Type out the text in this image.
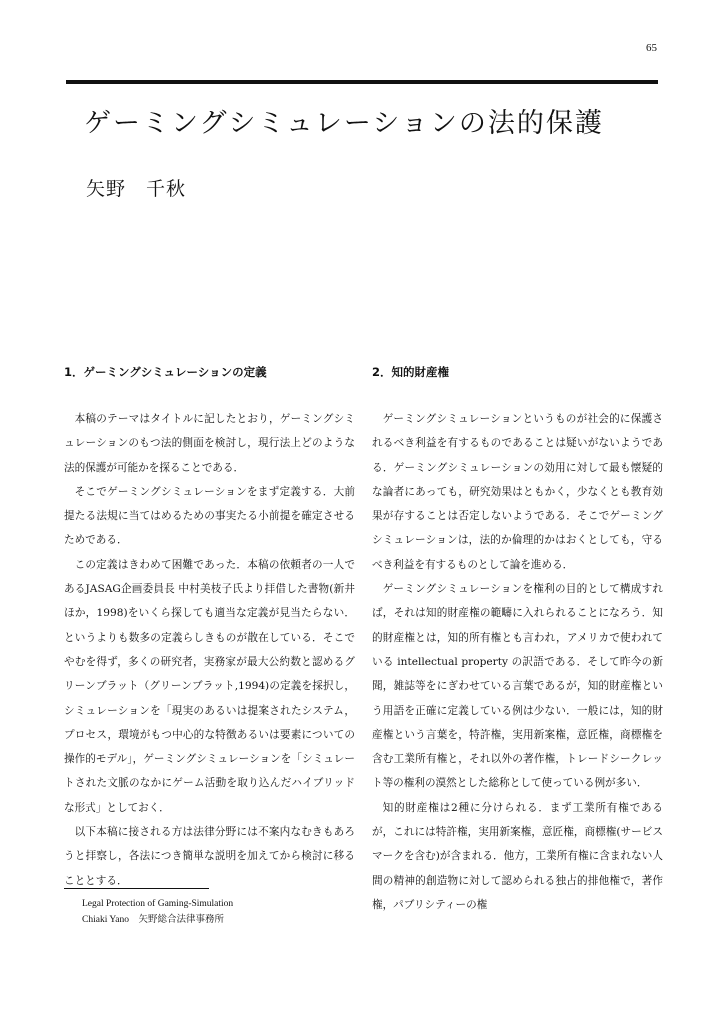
65
ゲーミングシミュレーションの法的保護
矢野　千秋
1．ゲーミングシミュレーションの定義

本稿のテーマはタイトルに記したとおり，ゲーミングシミュレーションのもつ法的側面を検討し，現行法上どのような法的保護が可能かを探ることである．

そこでゲーミングシミュレーションをまず定義する．大前提たる法規に当てはめるための事実たる小前提を確定させるためである．

この定義はきわめて困難であった．本稿の依頼者の一人であるJASAG企画委員長 中村美枝子氏より拝借した書物(新井ほか，1998)をいくら探しても適当な定義が見当たらない．というよりも数多の定義らしきものが散在している．そこでやむを得ず，多くの研究者，実務家が最大公約数と認めるグリーンブラット（グリーンブラット,1994)の定義を採択し，シミュレーションを「現実のあるいは提案されたシステム，プロセス，環境がもつ中心的な特徴あるいは要素についての操作的モデル」，ゲーミングシミュレーションを「シミュレートされた文脈のなかにゲーム活動を取り込んだハイブリッドな形式」としておく．

以下本稿に接される方は法律分野には不案内なむきもあろうと拝察し，各法につき簡単な説明を加えてから検討に移ることとする．

2．知的財産権

ゲーミングシミュレーションというものが社会的に保護されるべき利益を有するものであることは疑いがないようである．ゲーミングシミュレーションの効用に対して最も懐疑的な論者にあっても，研究効果はともかく，少なくとも教育効果が存することは否定しないようである．そこでゲーミングシミュレーションは，法的か倫理的かはおくとしても，守るべき利益を有するものとして論を進める．

ゲーミングシミュレーションを権利の目的として構成すれば，それは知的財産権の範疇に入れられることになろう．知的財産権とは，知的所有権とも言われ，アメリカで使われている intellectual property の訳語である．そして昨今の新聞，雑誌等をにぎわせている言葉であるが，知的財産権という用語を正確に定義している例は少ない．一般には，知的財産権という言葉を，特許権，実用新案権，意匠権，商標権を含む工業所有権と，それ以外の著作権，トレードシークレット等の権利の漠然とした総称として使っている例が多い．

知的財産権は2種に分けられる．まず工業所有権であるが，これには特許権，実用新案権，意匠権，商標権(サービスマークを含む)が含まれる．他方，工業所有権に含まれない人間の精神的創造物に対して認められる独占的排他権で，著作権，パブリシティーの権

Legal Protection of Gaming-Simulation
Chiaki Yano　矢野総合法律事務所
